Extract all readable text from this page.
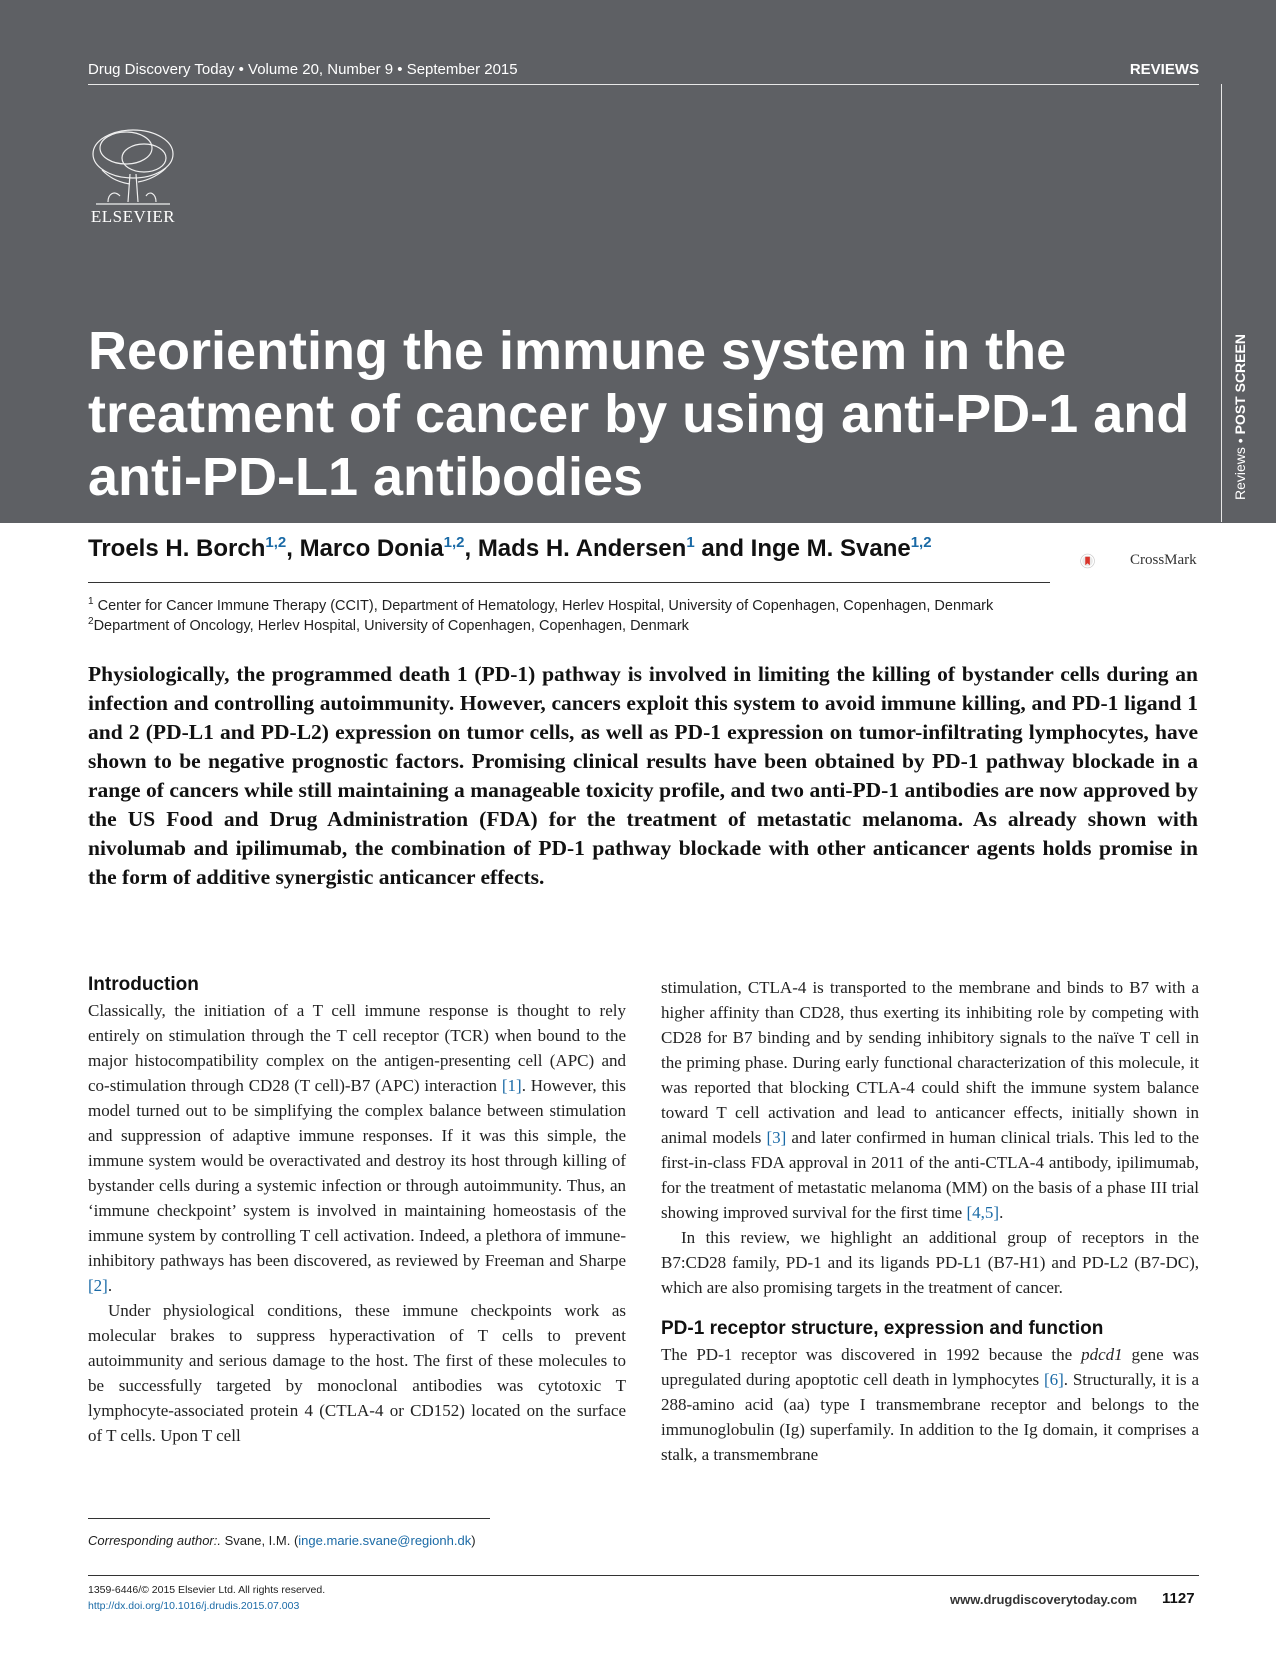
Drug Discovery Today • Volume 20, Number 9 • September 2015	REVIEWS
Reviews • POST SCREEN
ELSEVIER
Reorienting the immune system in the treatment of cancer by using anti-PD-1 and anti-PD-L1 antibodies
Troels H. Borch$^{1,2}$, Marco Donia$^{1,2}$, Mads H. Andersen$^1$ and Inge M. Svane$^{1,2}$
CrossMark
$^1$ Center for Cancer Immune Therapy (CCIT), Department of Hematology, Herlev Hospital, University of Copenhagen, Copenhagen, Denmark
$^2$Department of Oncology, Herlev Hospital, University of Copenhagen, Copenhagen, Denmark

Physiologically, the programmed death 1 (PD-1) pathway is involved in limiting the killing of bystander cells during an infection and controlling autoimmunity. However, cancers exploit this system to avoid immune killing, and PD-1 ligand 1 and 2 (PD-L1 and PD-L2) expression on tumor cells, as well as PD-1 expression on tumor-infiltrating lymphocytes, have shown to be negative prognostic factors. Promising clinical results have been obtained by PD-1 pathway blockade in a range of cancers while still maintaining a manageable toxicity profile, and two anti-PD-1 antibodies are now approved by the US Food and Drug Administration (FDA) for the treatment of metastatic melanoma. As already shown with nivolumab and ipilimumab, the combination of PD-1 pathway blockade with other anticancer agents holds promise in the form of additive synergistic anticancer effects.

Introduction

Classically, the initiation of a T cell immune response is thought to rely entirely on stimulation through the T cell receptor (TCR) when bound to the major histocompatibility complex on the antigen-presenting cell (APC) and co-stimulation through CD28 (T cell)-B7 (APC) interaction [1]. However, this model turned out to be simplifying the complex balance between stimulation and suppression of adaptive immune responses. If it was this simple, the immune system would be overactivated and destroy its host through killing of bystander cells during a systemic infection or through autoimmunity. Thus, an ‘immune checkpoint’ system is involved in maintaining homeostasis of the immune system by controlling T cell activation. Indeed, a plethora of immune-inhibitory pathways has been discovered, as reviewed by Freeman and Sharpe [2].

Under physiological conditions, these immune checkpoints work as molecular brakes to suppress hyperactivation of T cells to prevent autoimmunity and serious damage to the host. The first of these molecules to be successfully targeted by monoclonal antibodies was cytotoxic T lymphocyte-associated protein 4 (CTLA-4 or CD152) located on the surface of T cells. Upon T cell

stimulation, CTLA-4 is transported to the membrane and binds to B7 with a higher affinity than CD28, thus exerting its inhibiting role by competing with CD28 for B7 binding and by sending inhibitory signals to the naïve T cell in the priming phase. During early functional characterization of this molecule, it was reported that blocking CTLA-4 could shift the immune system balance toward T cell activation and lead to anticancer effects, initially shown in animal models [3] and later confirmed in human clinical trials. This led to the first-in-class FDA approval in 2011 of the anti-CTLA-4 antibody, ipilimumab, for the treatment of metastatic melanoma (MM) on the basis of a phase III trial showing improved survival for the first time [4,5].

In this review, we highlight an additional group of receptors in the B7:CD28 family, PD-1 and its ligands PD-L1 (B7-H1) and PD-L2 (B7-DC), which are also promising targets in the treatment of cancer.

PD-1 receptor structure, expression and function

The PD-1 receptor was discovered in 1992 because the pdcd1 gene was upregulated during apoptotic cell death in lymphocytes [6]. Structurally, it is a 288-amino acid (aa) type I transmembrane receptor and belongs to the immunoglobulin (Ig) superfamily. In addition to the Ig domain, it comprises a stalk, a transmembrane

Corresponding author:. Svane, I.M. (inge.marie.svane@regionh.dk)
1359-6446/© 2015 Elsevier Ltd. All rights reserved.
http://dx.doi.org/10.1016/j.drudis.2015.07.003	www.drugdiscoverytoday.com 1127
